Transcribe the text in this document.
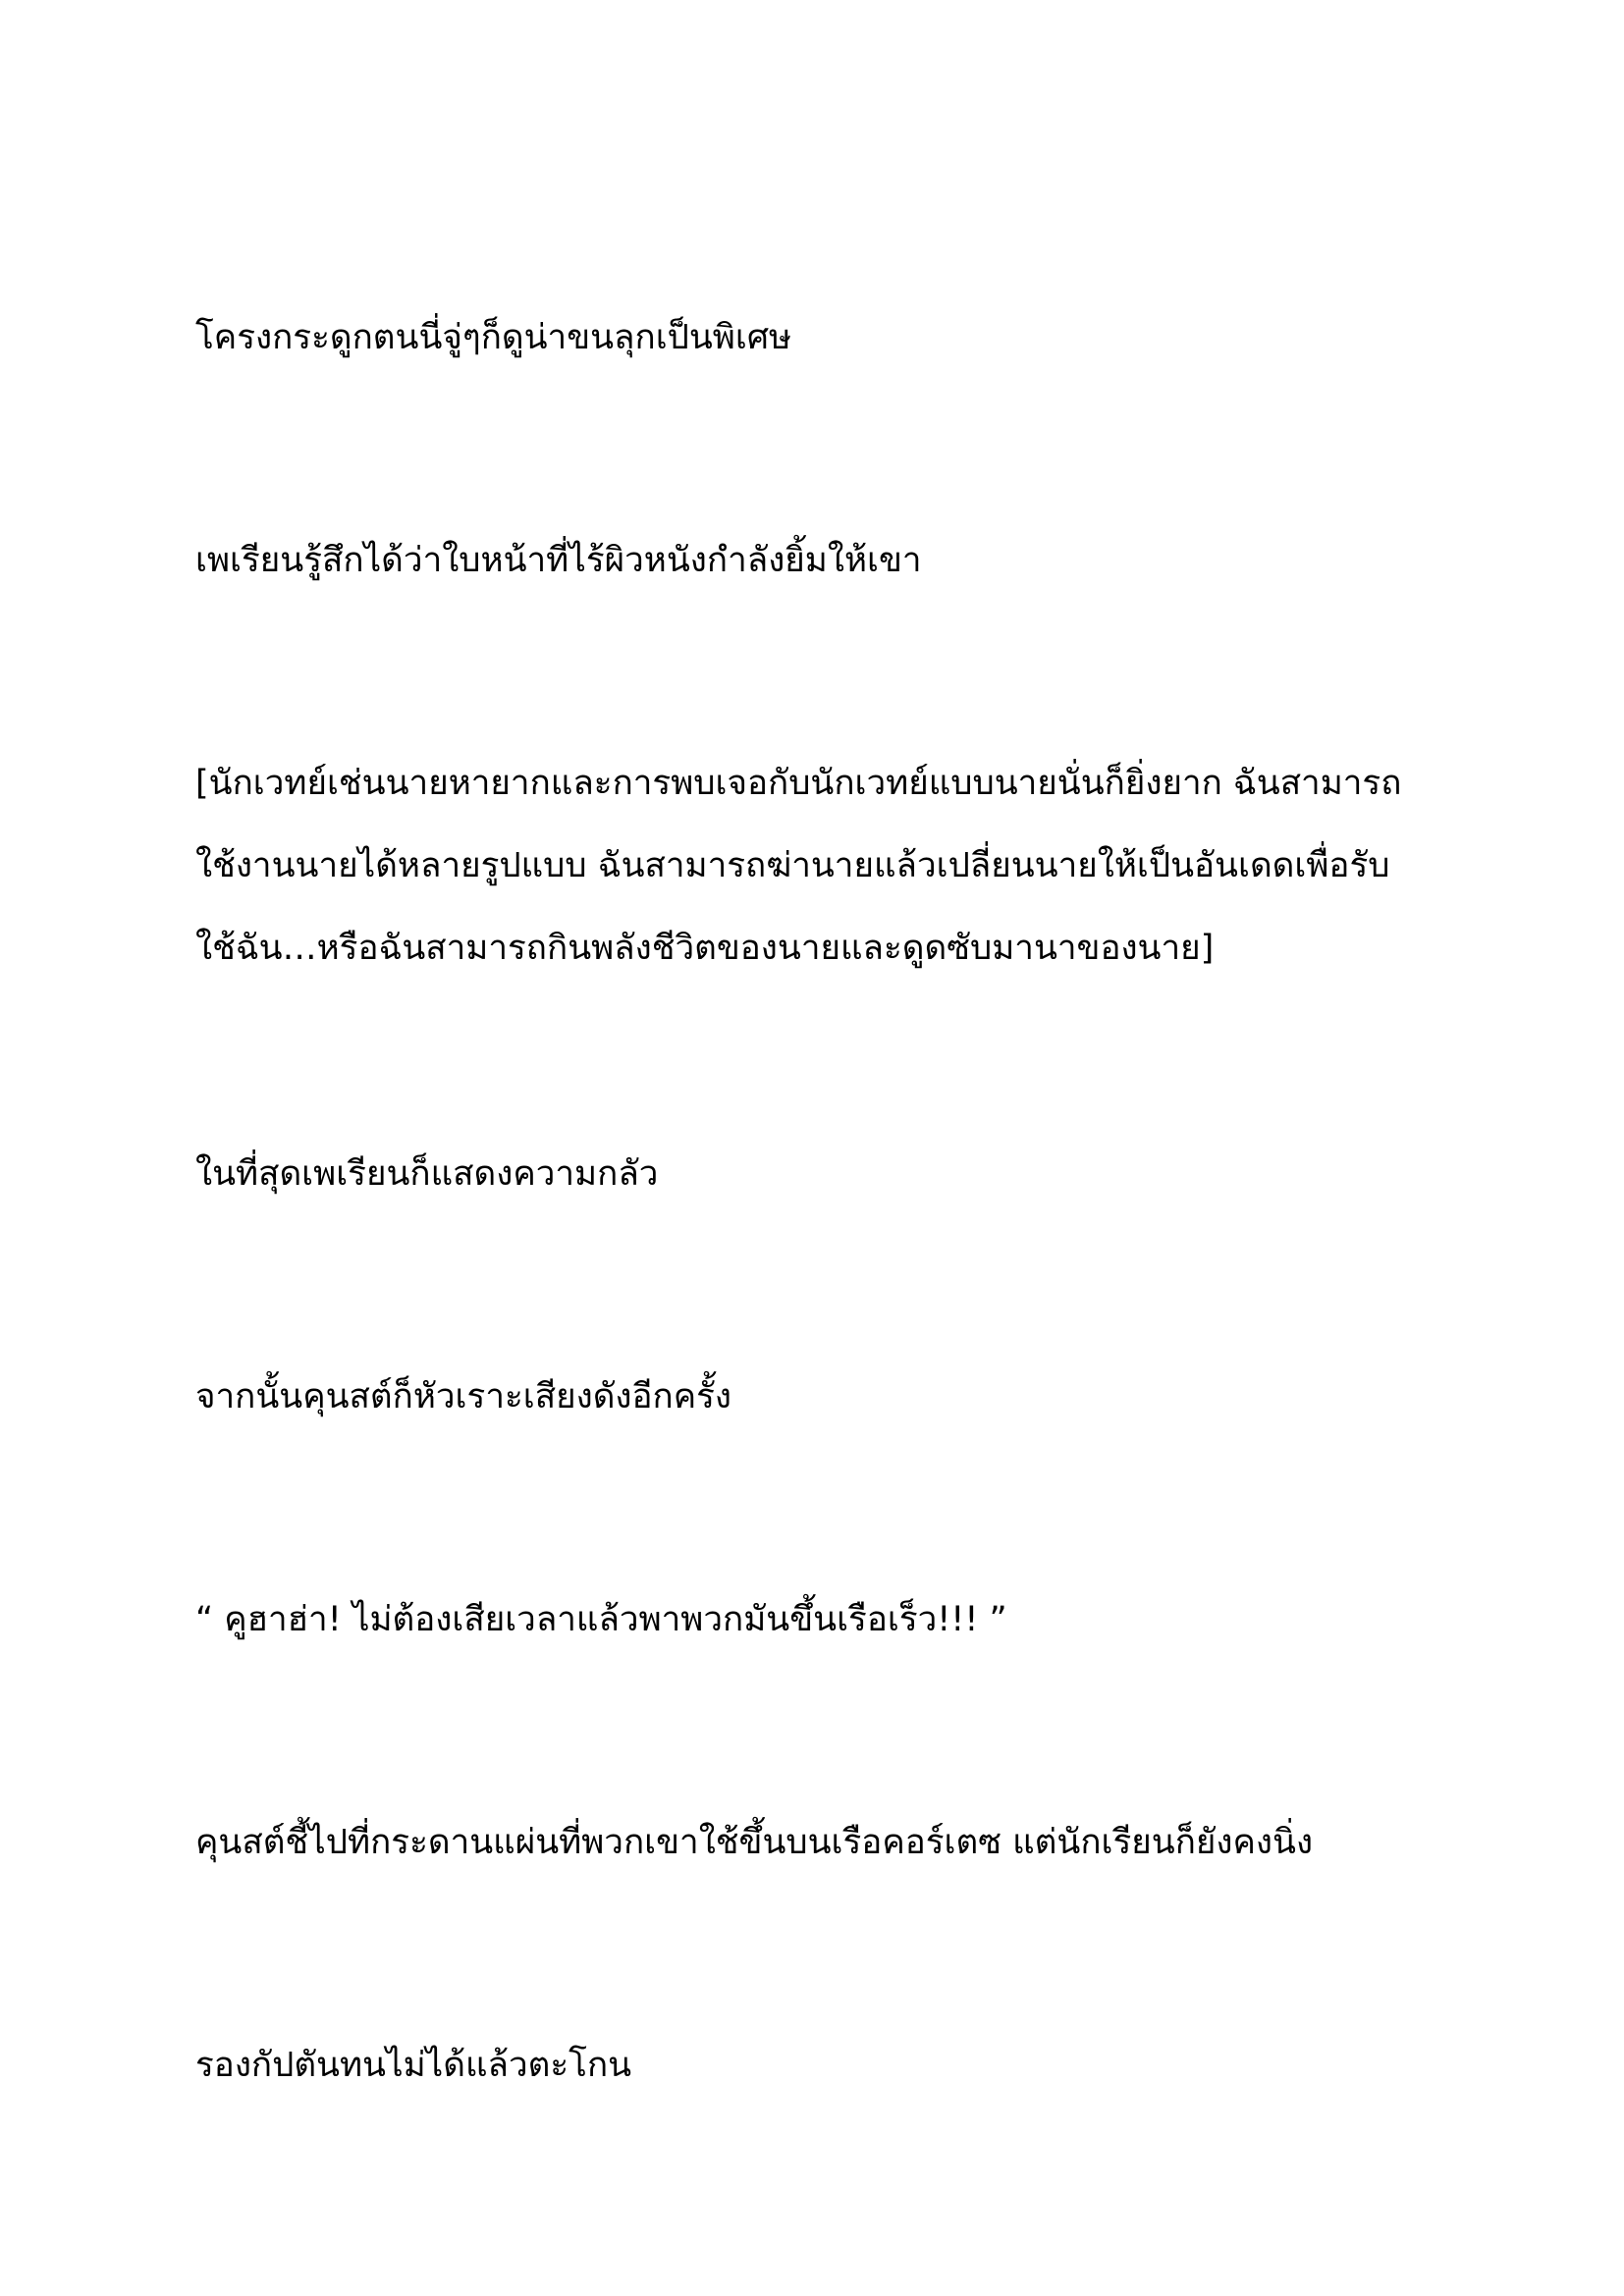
โครงกระดูกตนนี่จู่ๆก็ดูน่าขนลุกเป็นพิเศษ

เพเรียนรู้สึกได้ว่าใบหน้าที่ไร้ผิวหนังกำลังยิ้มให้เขา

[นักเวทย์เช่นนายหายากและการพบเจอกับนักเวทย์แบบนายนั่นก็ยิ่งยาก ฉันสามารถ

ใช้งานนายได้หลายรูปแบบ ฉันสามารถฆ่านายแล้วเปลี่ยนนายให้เป็นอันเดดเพื่อรับ

ใช้ฉัน…หรือฉันสามารถกินพลังชีวิตของนายและดูดซับมานาของนาย]

ในที่สุดเพเรียนก็แสดงความกลัว

จากนั้นคุนสต์ก็หัวเราะเสียงดังอีกครั้ง

“ คูฮาฮ่า! ไม่ต้องเสียเวลาแล้วพาพวกมันขึ้นเรือเร็ว!!! ”

คุนสต์ชี้ไปที่กระดานแผ่นที่พวกเขาใช้ขึ้นบนเรือคอร์เตซ แต่นักเรียนก็ยังคงนิ่ง

รองกัปตันทนไม่ได้แล้วตะโกน
